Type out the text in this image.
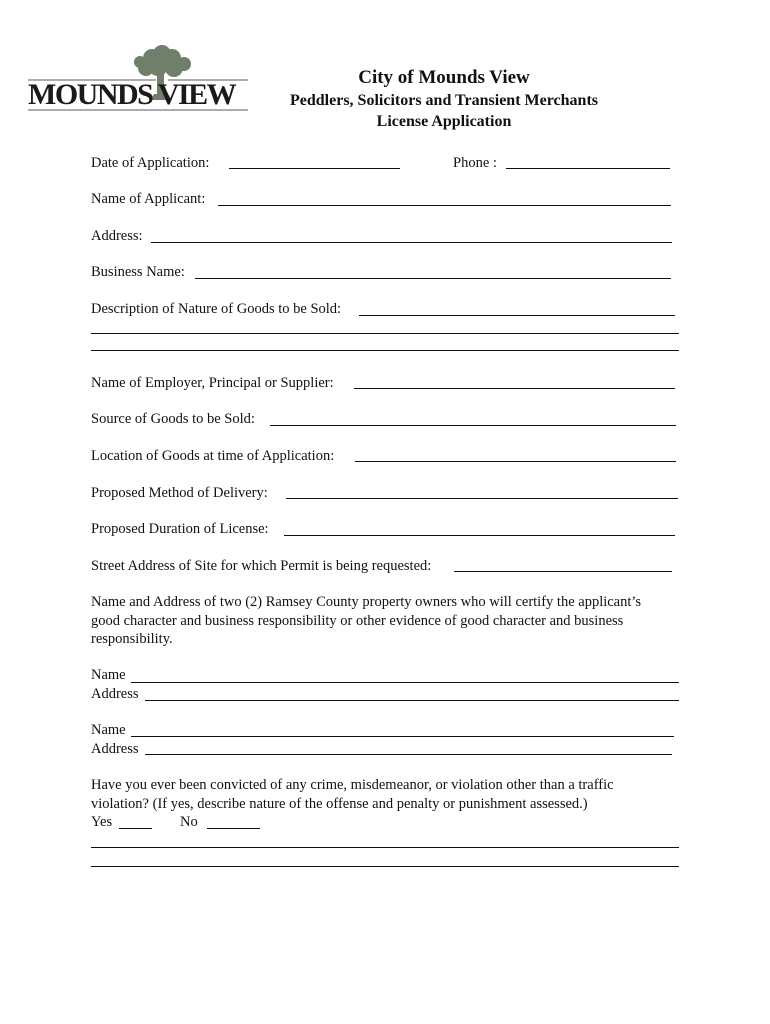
MOUNDS VIEW
City of Mounds View
Peddlers, Solicitors and Transient Merchants
License Application
Date of Application:	Phone :
Name of Applicant:
Address:
Business Name:
Description of Nature of Goods to be Sold:
Name of Employer, Principal or Supplier:
Source of Goods to be Sold:
Location of Goods at time of Application:
Proposed Method of Delivery:
Proposed Duration of License:
Street Address of Site for which Permit is being requested:
Name and Address of two (2) Ramsey County property owners who will certify the applicant’s good character and business responsibility or other evidence of good character and business responsibility.
Name
Address
Name
Address
Have you ever been convicted of any crime, misdemeanor, or violation other than a traffic violation? (If yes, describe nature of the offense and penalty or punishment assessed.)
Yes	No
